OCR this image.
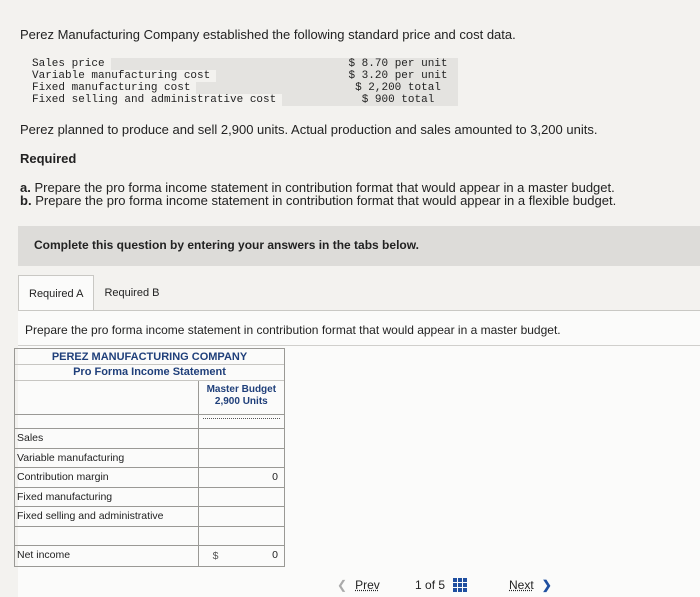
Perez Manufacturing Company established the following standard price and cost data.
Sales price	$ 8.70 per unit
Variable manufacturing cost	$ 3.20 per unit
Fixed manufacturing cost	$ 2,200 total
Fixed selling and administrative cost	$ 900 total
Perez planned to produce and sell 2,900 units. Actual production and sales amounted to 3,200 units.
Required
a. Prepare the pro forma income statement in contribution format that would appear in a master budget.
b. Prepare the pro forma income statement in contribution format that would appear in a flexible budget.
Complete this question by entering your answers in the tabs below.
Required A	Required B
Prepare the pro forma income statement in contribution format that would appear in a master budget.
PEREZ MANUFACTURING COMPANY
Pro Forma Income Statement
Master Budget
2,900 Units
Sales
Variable manufacturing
Contribution margin	0
Fixed manufacturing
Fixed selling and administrative
Net income	$	0
❮ Prev	1
of
5	Next ❯
